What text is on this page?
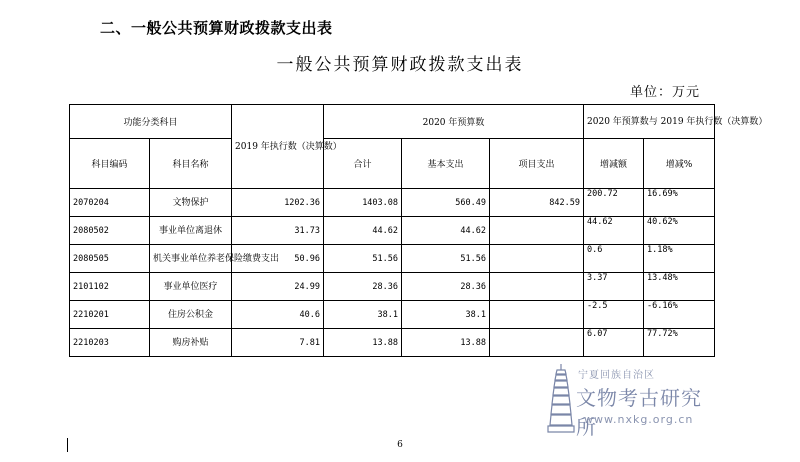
二、一般公共预算财政拨款支出表
一般公共预算财政拨款支出表
单位：万元
功能分类科目		2019 年执行数（决算数）	2020 年预算数			2020 年预算数与 2019 年执行数（决算数）	
科目编码	科目名称		合计	基本支出	项目支出	增减额	增减%
2070204	文物保护	1202.36	1403.08	560.49	842.59	200.72	16.69%
2080502	事业单位离退休	31.73	44.62	44.62		44.62	40.62%
2080505	机关事业单位养老保险缴费支出	50.96	51.56	51.56		0.6	1.18%
2101102	事业单位医疗	24.99	28.36	28.36		3.37	13.48%
2210201	住房公积金	40.6	38.1	38.1		-2.5	-6.16%
2210203	购房补贴	7.81	13.88	13.88		6.07	77.72%
宁夏回族自治区
文物考古研究所
www.nxkg.org.cn
6
